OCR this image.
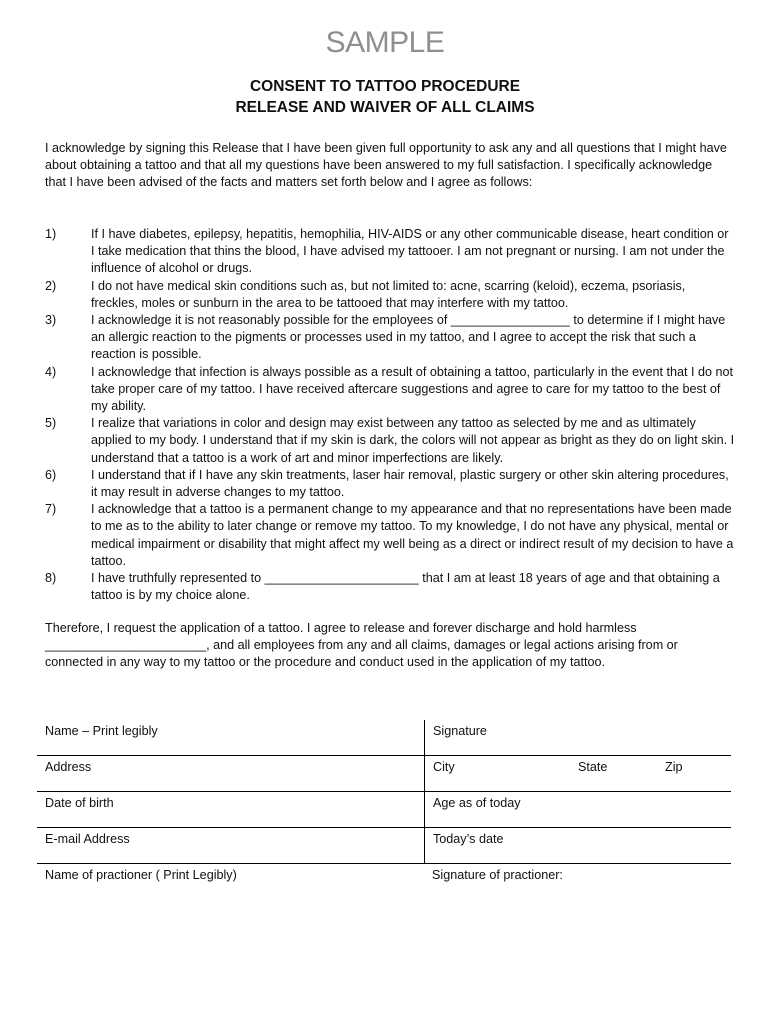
SAMPLE
CONSENT TO TATTOO PROCEDURE
RELEASE AND WAIVER OF ALL CLAIMS
I acknowledge by signing this Release that I have been given full opportunity to ask any and all questions that I might have about obtaining a tattoo and that all my questions have been answered to my full satisfaction. I specifically acknowledge that I have been advised of the facts and matters set forth below and I agree as follows:
1)	If I have diabetes, epilepsy, hepatitis, hemophilia, HIV-AIDS or any other communicable disease, heart condition or I take medication that thins the blood, I have advised my tattooer. I am not pregnant or nursing. I am not under the influence of alcohol or drugs.
2)	I do not have medical skin conditions such as, but not limited to: acne, scarring (keloid), eczema, psoriasis, freckles, moles or sunburn in the area to be tattooed that may interfere with my tattoo.
3)	I acknowledge it is not reasonably possible for the employees of _________________ to determine if I might have an allergic reaction to the pigments or processes used in my tattoo, and I agree to accept the risk that such a reaction is possible.
4)	I acknowledge that infection is always possible as a result of obtaining a tattoo, particularly in the event that I do not take proper care of my tattoo. I have received aftercare suggestions and agree to care for my tattoo to the best of my ability.
5)	I realize that variations in color and design may exist between any tattoo as selected by me and as ultimately applied to my body. I understand that if my skin is dark, the colors will not appear as bright as they do on light skin. I understand that a tattoo is a work of art and minor imperfections are likely.
6)	I understand that if I have any skin treatments, laser hair removal, plastic surgery or other skin altering procedures, it may result in adverse changes to my tattoo.
7)	I acknowledge that a tattoo is a permanent change to my appearance and that no representations have been made to me as to the ability to later change or remove my tattoo. To my knowledge, I do not have any physical, mental or medical impairment or disability that might affect my well being as a direct or indirect result of my decision to have a tattoo.
8)	I have truthfully represented to ______________________ that I am at least 18 years of age and that obtaining a tattoo is by my choice alone.
Therefore, I request the application of a tattoo. I agree to release and forever discharge and hold harmless _______________________, and all employees from any and all claims, damages or legal actions arising from or connected in any way to my tattoo or the procedure and conduct used in the application of my tattoo.
Name – Print legibly	Signature
Address	City	State	Zip
Date of birth	Age as of today
E-mail Address	Today’s date
Name of practioner ( Print Legibly)	Signature of practioner:
